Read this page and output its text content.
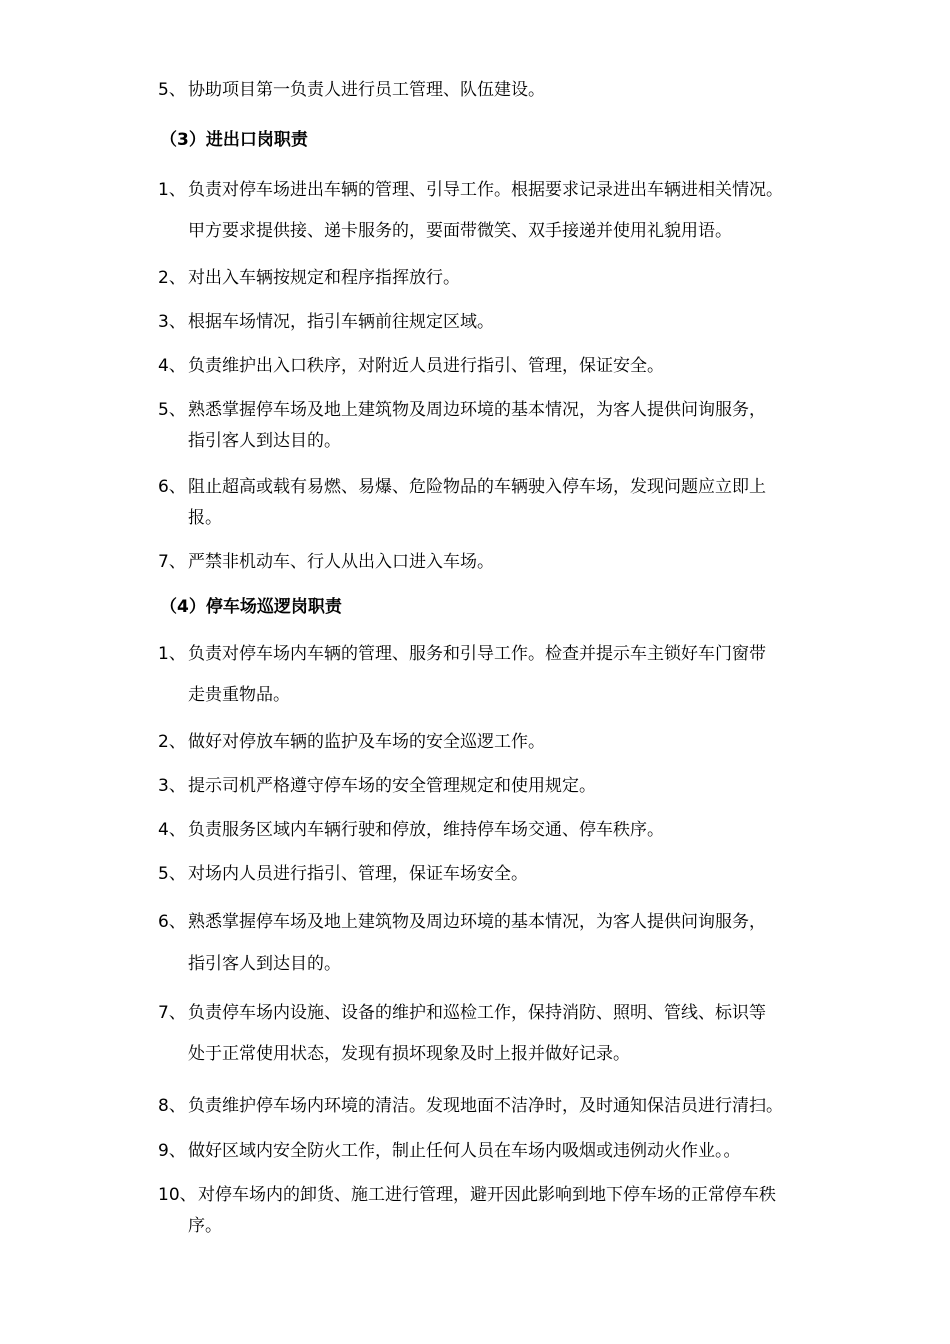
5、 协助项目第一负责人进行员工管理、队伍建设。
（3）进出口岗职责
1、 负责对停车场进出车辆的管理、引导工作。根据要求记录进出车辆进相关情况。
甲方要求提供接、递卡服务的，要面带微笑、双手接递并使用礼貌用语。
2、 对出入车辆按规定和程序指挥放行。
3、 根据车场情况，指引车辆前往规定区域。
4、 负责维护出入口秩序，对附近人员进行指引、管理，保证安全。
5、 熟悉掌握停车场及地上建筑物及周边环境的基本情况，为客人提供问询服务，
指引客人到达目的。
6、 阻止超高或载有易燃、易爆、危险物品的车辆驶入停车场，发现问题应立即上
报。
7、 严禁非机动车、行人从出入口进入车场。
（4）停车场巡逻岗职责
1、 负责对停车场内车辆的管理、服务和引导工作。检查并提示车主锁好车门窗带
走贵重物品。
2、 做好对停放车辆的监护及车场的安全巡逻工作。
3、 提示司机严格遵守停车场的安全管理规定和使用规定。
4、 负责服务区域内车辆行驶和停放，维持停车场交通、停车秩序。
5、 对场内人员进行指引、管理，保证车场安全。
6、 熟悉掌握停车场及地上建筑物及周边环境的基本情况，为客人提供问询服务，
指引客人到达目的。
7、 负责停车场内设施、设备的维护和巡检工作，保持消防、照明、管线、标识等
处于正常使用状态，发现有损坏现象及时上报并做好记录。
8、 负责维护停车场内环境的清洁。发现地面不洁净时，及时通知保洁员进行清扫。
9、 做好区域内安全防火工作，制止任何人员在车场内吸烟或违例动火作业。。
10、 对停车场内的卸货、施工进行管理，避开因此影响到地下停车场的正常停车秩
序。
